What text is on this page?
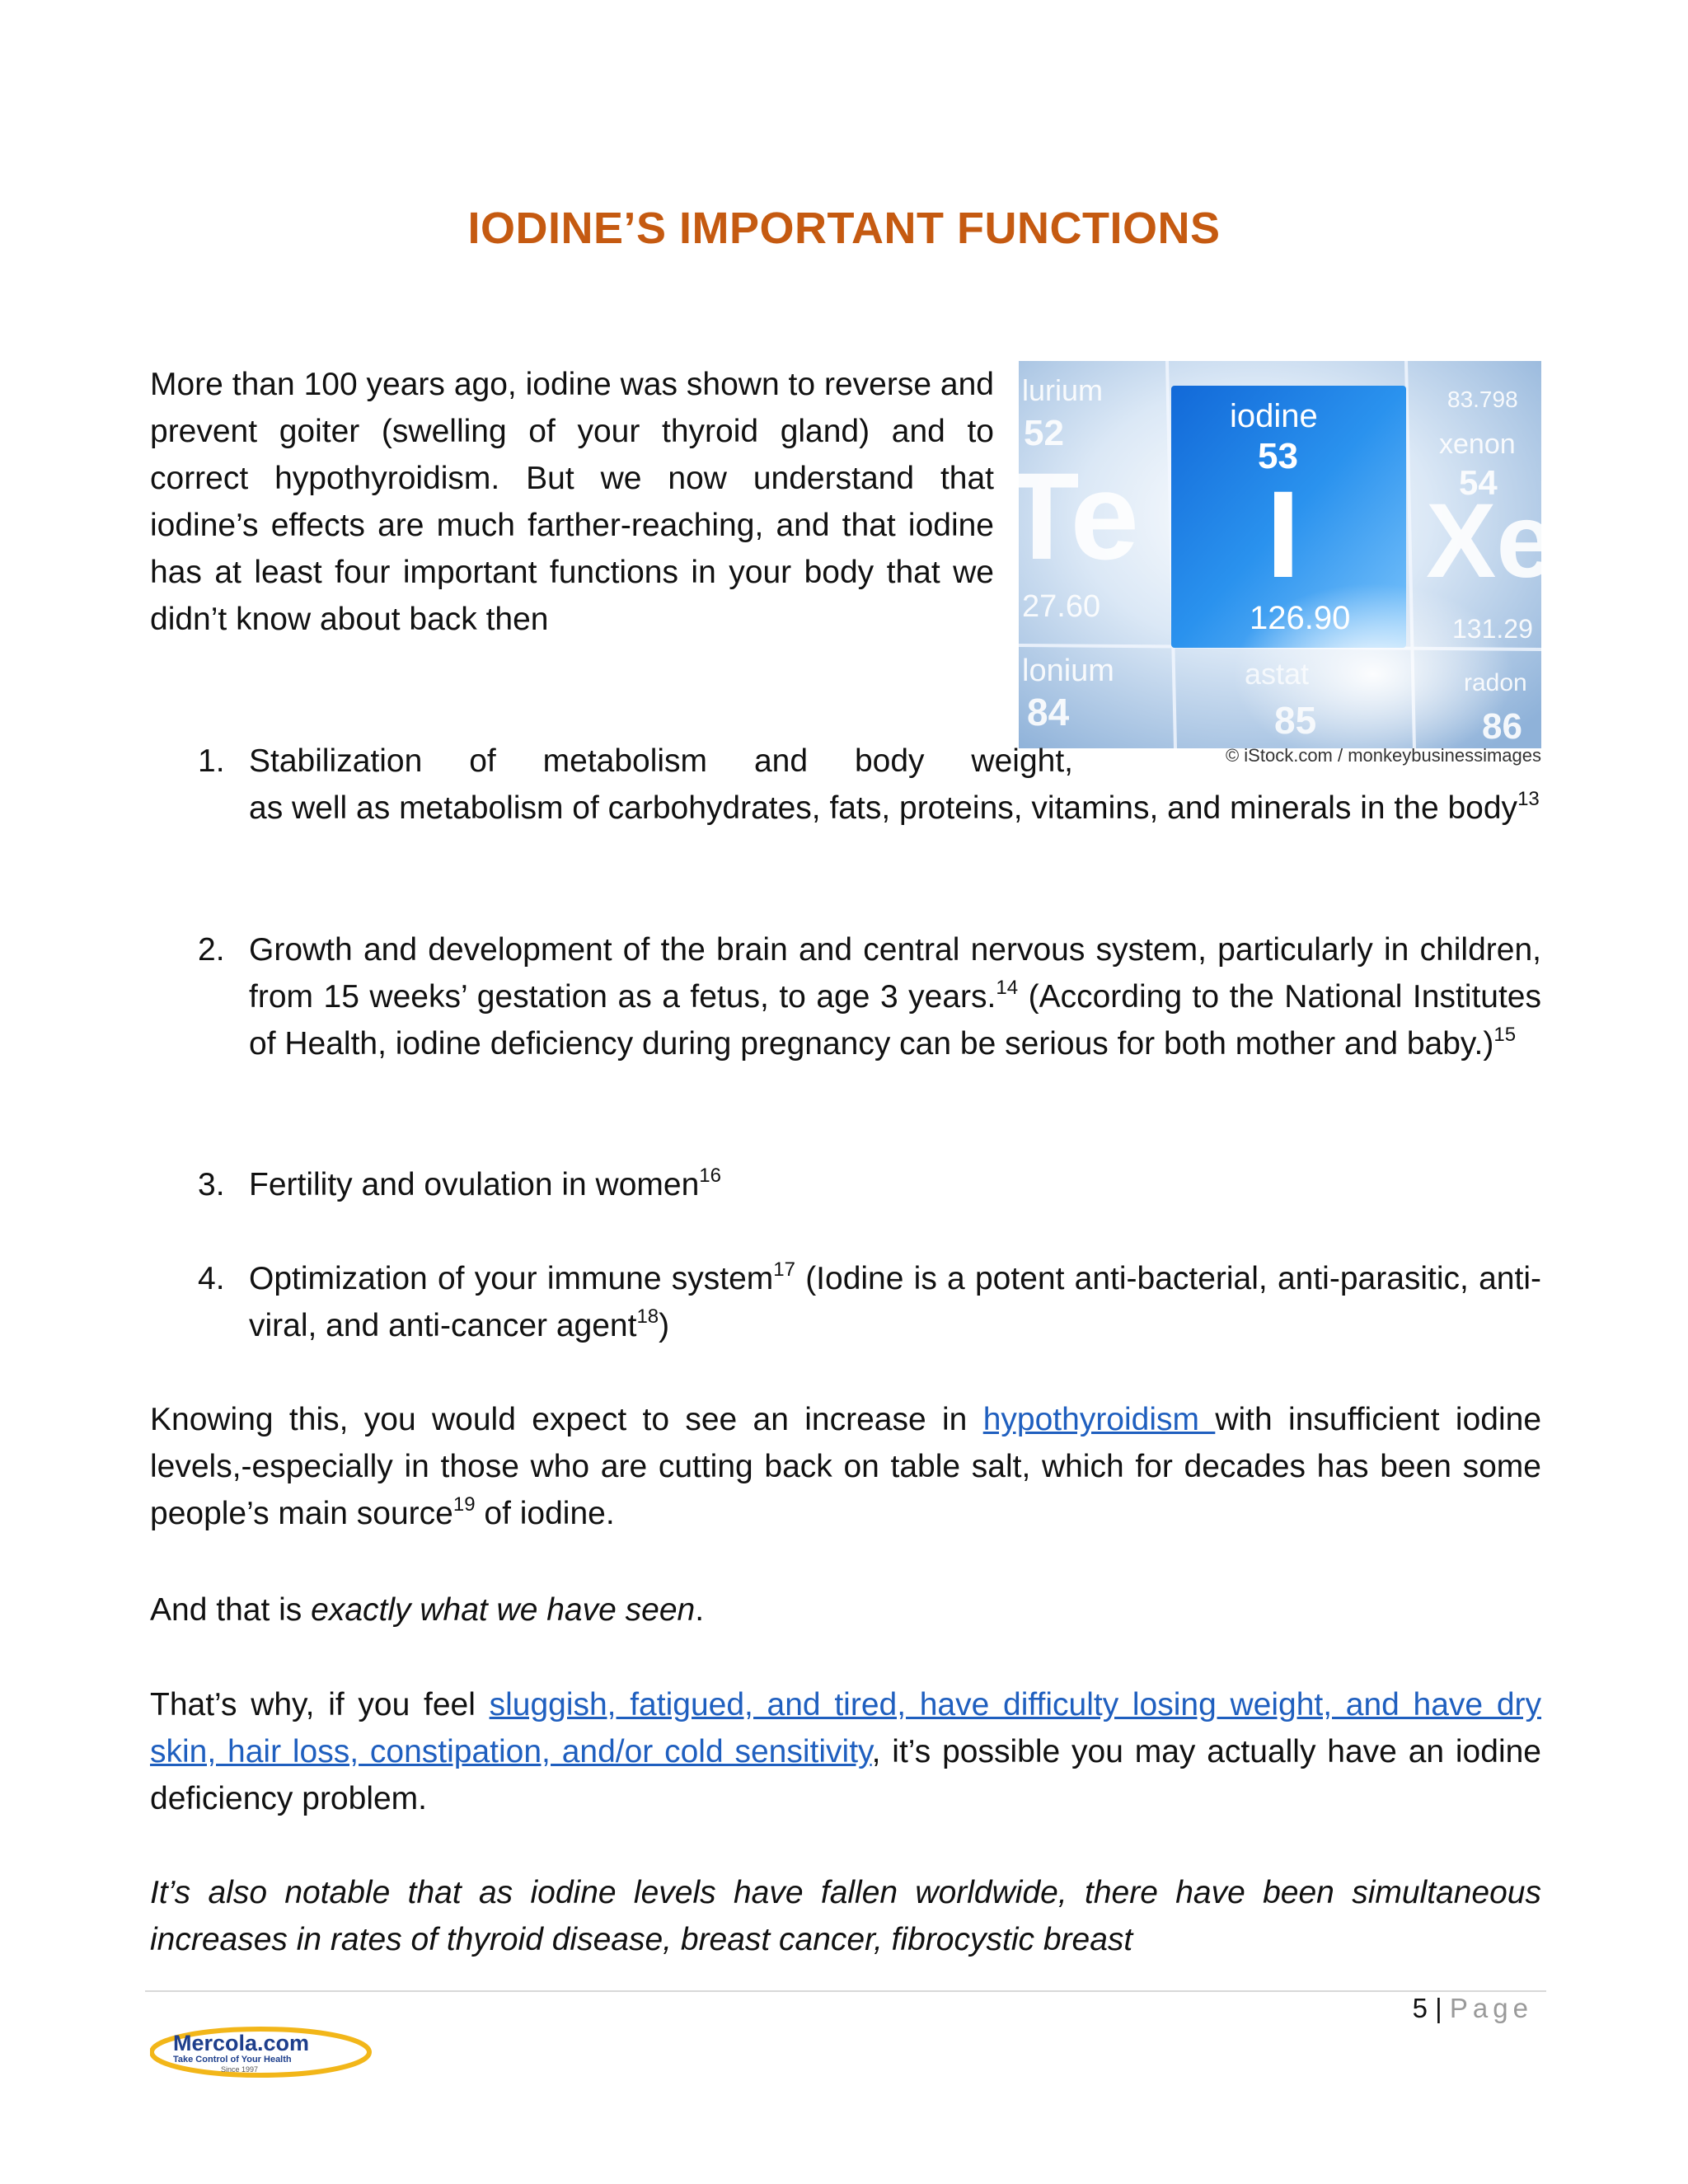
IODINE’S IMPORTANT FUNCTIONS
More than 100 years ago, iodine was shown to reverse and prevent goiter (swelling of your thyroid gland) and to correct hypothyroidism. But we now understand that iodine’s effects are much farther-reaching, and that iodine has at least four important functions in your body that we didn’t know about back then
lurium
52
Te
27.60
lonium
84
iodine
53
I
126.90
astat
85
83.798
xenon
54
Xe
131.29
radon
86
© iStock.com / monkeybusinessimages
1. Stabilization of metabolism and body weight,
as well as metabolism of carbohydrates, fats, proteins, vitamins, and minerals in the body$^{13}$
2. Growth and development of the brain and central nervous system, particularly in children, from 15 weeks’ gestation as a fetus, to age 3 years.$^{14}$ (According to the National Institutes of Health, iodine deficiency during pregnancy can be serious for both mother and baby.)$^{15}$
3. Fertility and ovulation in women$^{16}$
4. Optimization of your immune system$^{17}$ (Iodine is a potent anti-bacterial, anti-parasitic, anti-viral, and anti-cancer agent$^{18}$)
Knowing this, you would expect to see an increase in hypothyroidism with insufficient iodine levels,-especially in those who are cutting back on table salt, which for decades has been some people’s main source$^{19}$ of iodine.
And that is exactly what we have seen.
That’s why, if you feel sluggish, fatigued, and tired, have difficulty losing weight, and have dry skin, hair loss, constipation, and/or cold sensitivity, it’s possible you may actually have an iodine deficiency problem.
It’s also notable that as iodine levels have fallen worldwide, there have been simultaneous increases in rates of thyroid disease, breast cancer, fibrocystic breast
5 | Page
Mercola.com
Take Control of Your Health
Since 1997
